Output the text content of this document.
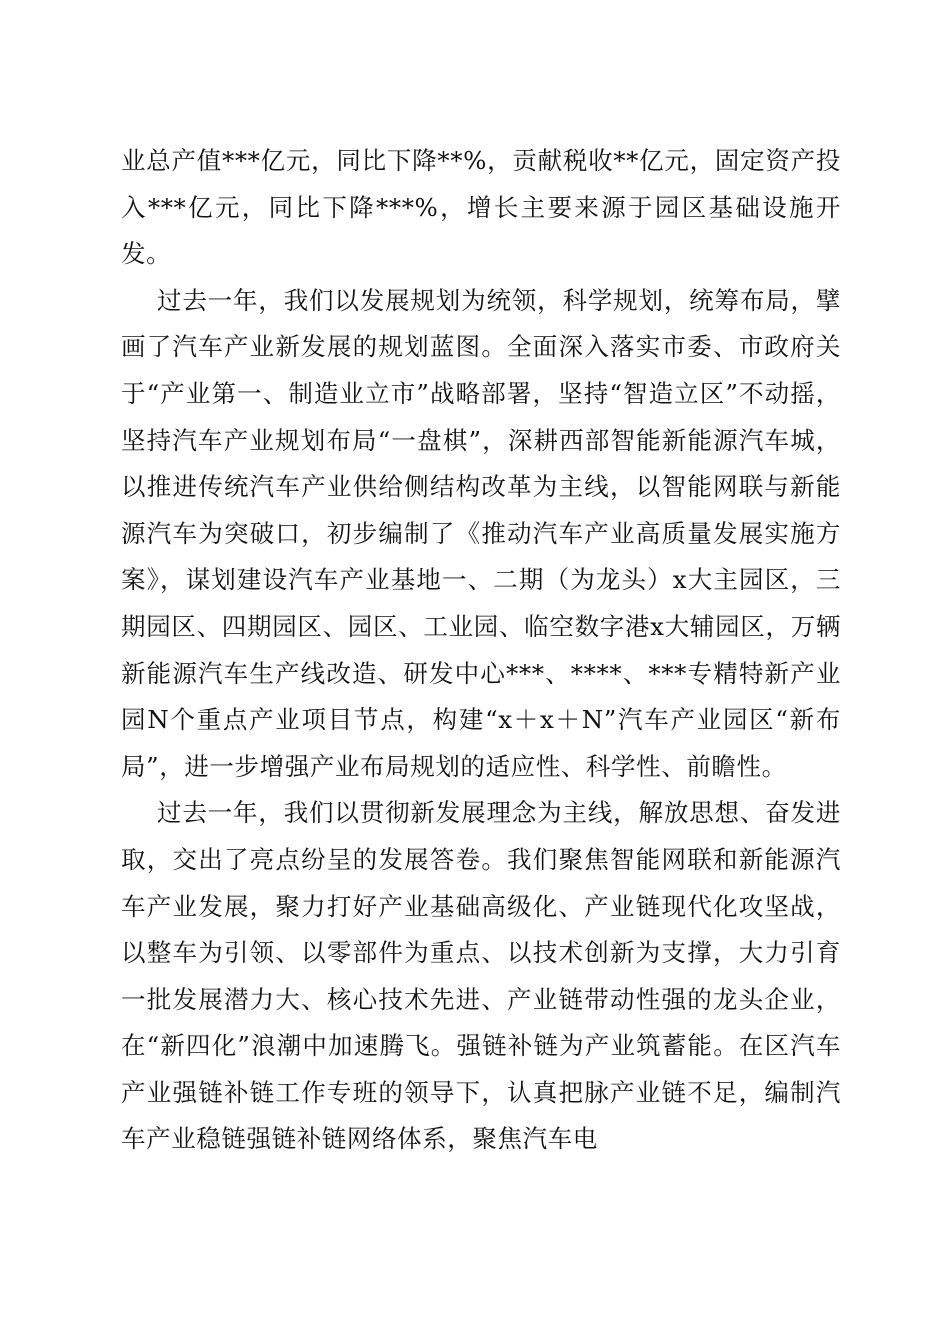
业总产值***亿元，同比下降**%，贡献税收**亿元，固定资产投入***亿元，同比下降***%，增长主要来源于园区基础设施开发。

过去一年，我们以发展规划为统领，科学规划，统筹布局，擘画了汽车产业新发展的规划蓝图。全面深入落实市委、市政府关于“产业第一、制造业立市”战略部署，坚持“智造立区”不动摇，坚持汽车产业规划布局“一盘棋”，深耕西部智能新能源汽车城，以推进传统汽车产业供给侧结构改革为主线，以智能网联与新能源汽车为突破口，初步编制了《推动汽车产业高质量发展实施方案》，谋划建设汽车产业基地一、二期（为龙头）x大主园区，三期园区、四期园区、园区、工业园、临空数字港x大辅园区，万辆新能源汽车生产线改造、研发中心***、****、***专精特新产业园N个重点产业项目节点，构建“x＋x＋N”汽车产业园区“新布局”，进一步增强产业布局规划的适应性、科学性、前瞻性。

过去一年，我们以贯彻新发展理念为主线，解放思想、奋发进取，交出了亮点纷呈的发展答卷。我们聚焦智能网联和新能源汽车产业发展，聚力打好产业基础高级化、产业链现代化攻坚战，以整车为引领、以零部件为重点、以技术创新为支撑，大力引育一批发展潜力大、核心技术先进、产业链带动性强的龙头企业，在“新四化”浪潮中加速腾飞。强链补链为产业筑蓄能。在区汽车产业强链补链工作专班的领导下，认真把脉产业链不足，编制汽车产业稳链强链补链网络体系，聚焦汽车电
